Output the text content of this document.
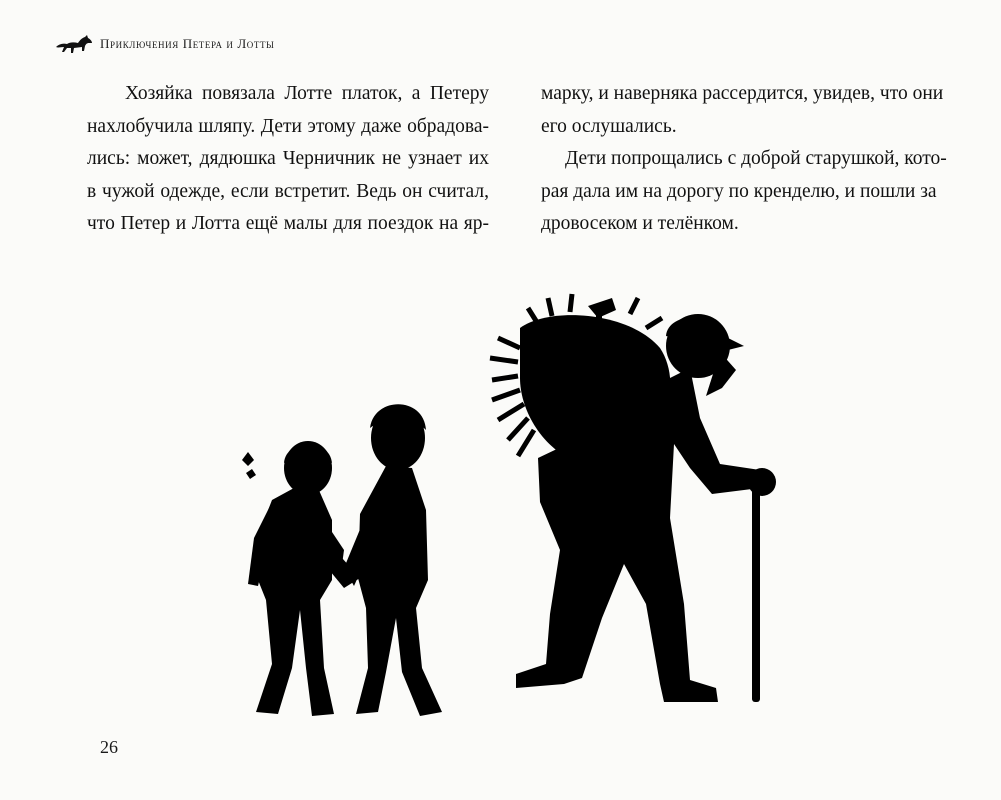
Приключения Петера и Лотты
Хозяйка повязала Лотте платок, а Петеру
нахлобучила шляпу. Дети этому даже обрадова-
лись: может, дядюшка Черничник не узнает их
в чужой одежде, если встретит. Ведь он считал,
что Петер и Лотта ещё малы для поездок на яр-
марку, и наверняка рассердится, увидев, что они
его ослушались.
Дети попрощались с доброй старушкой, кото-
рая дала им на дорогу по кренделю, и пошли за
дровосеком и телёнком.
26
